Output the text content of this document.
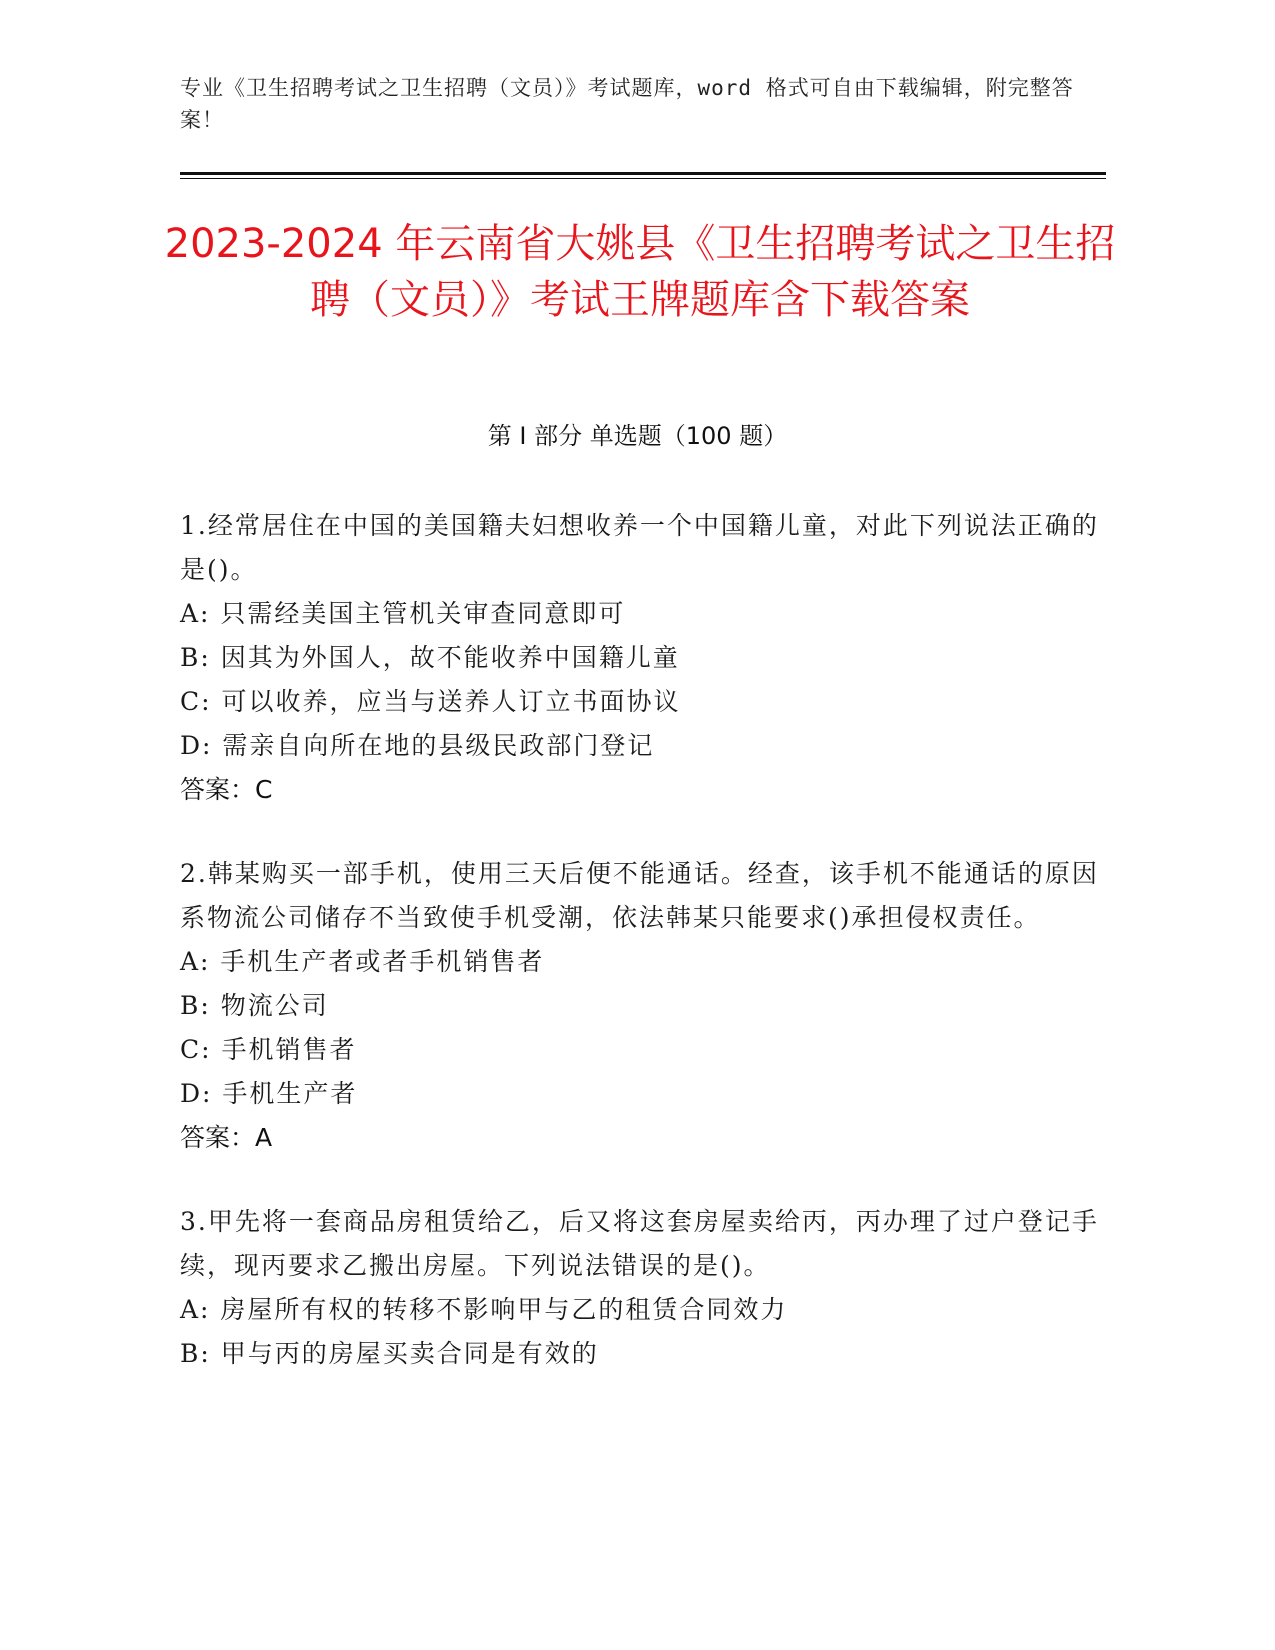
专业《卫生招聘考试之卫生招聘（文员）》考试题库，word 格式可自由下载编辑，附完整答案！
2023-2024 年云南省大姚县《卫生招聘考试之卫生招聘（文员）》考试王牌题库含下载答案
第 I 部分 单选题（100 题）

1.经常居住在中国的美国籍夫妇想收养一个中国籍儿童，对此下列说法正确的是()。

A: 只需经美国主管机关审查同意即可

B: 因其为外国人，故不能收养中国籍儿童

C: 可以收养，应当与送养人订立书面协议

D: 需亲自向所在地的县级民政部门登记

答案：C

2.韩某购买一部手机，使用三天后便不能通话。经查，该手机不能通话的原因系物流公司储存不当致使手机受潮，依法韩某只能要求()承担侵权责任。

A: 手机生产者或者手机销售者

B: 物流公司

C: 手机销售者

D: 手机生产者

答案：A

3.甲先将一套商品房租赁给乙，后又将这套房屋卖给丙，丙办理了过户登记手续，现丙要求乙搬出房屋。下列说法错误的是()。

A: 房屋所有权的转移不影响甲与乙的租赁合同效力

B: 甲与丙的房屋买卖合同是有效的
